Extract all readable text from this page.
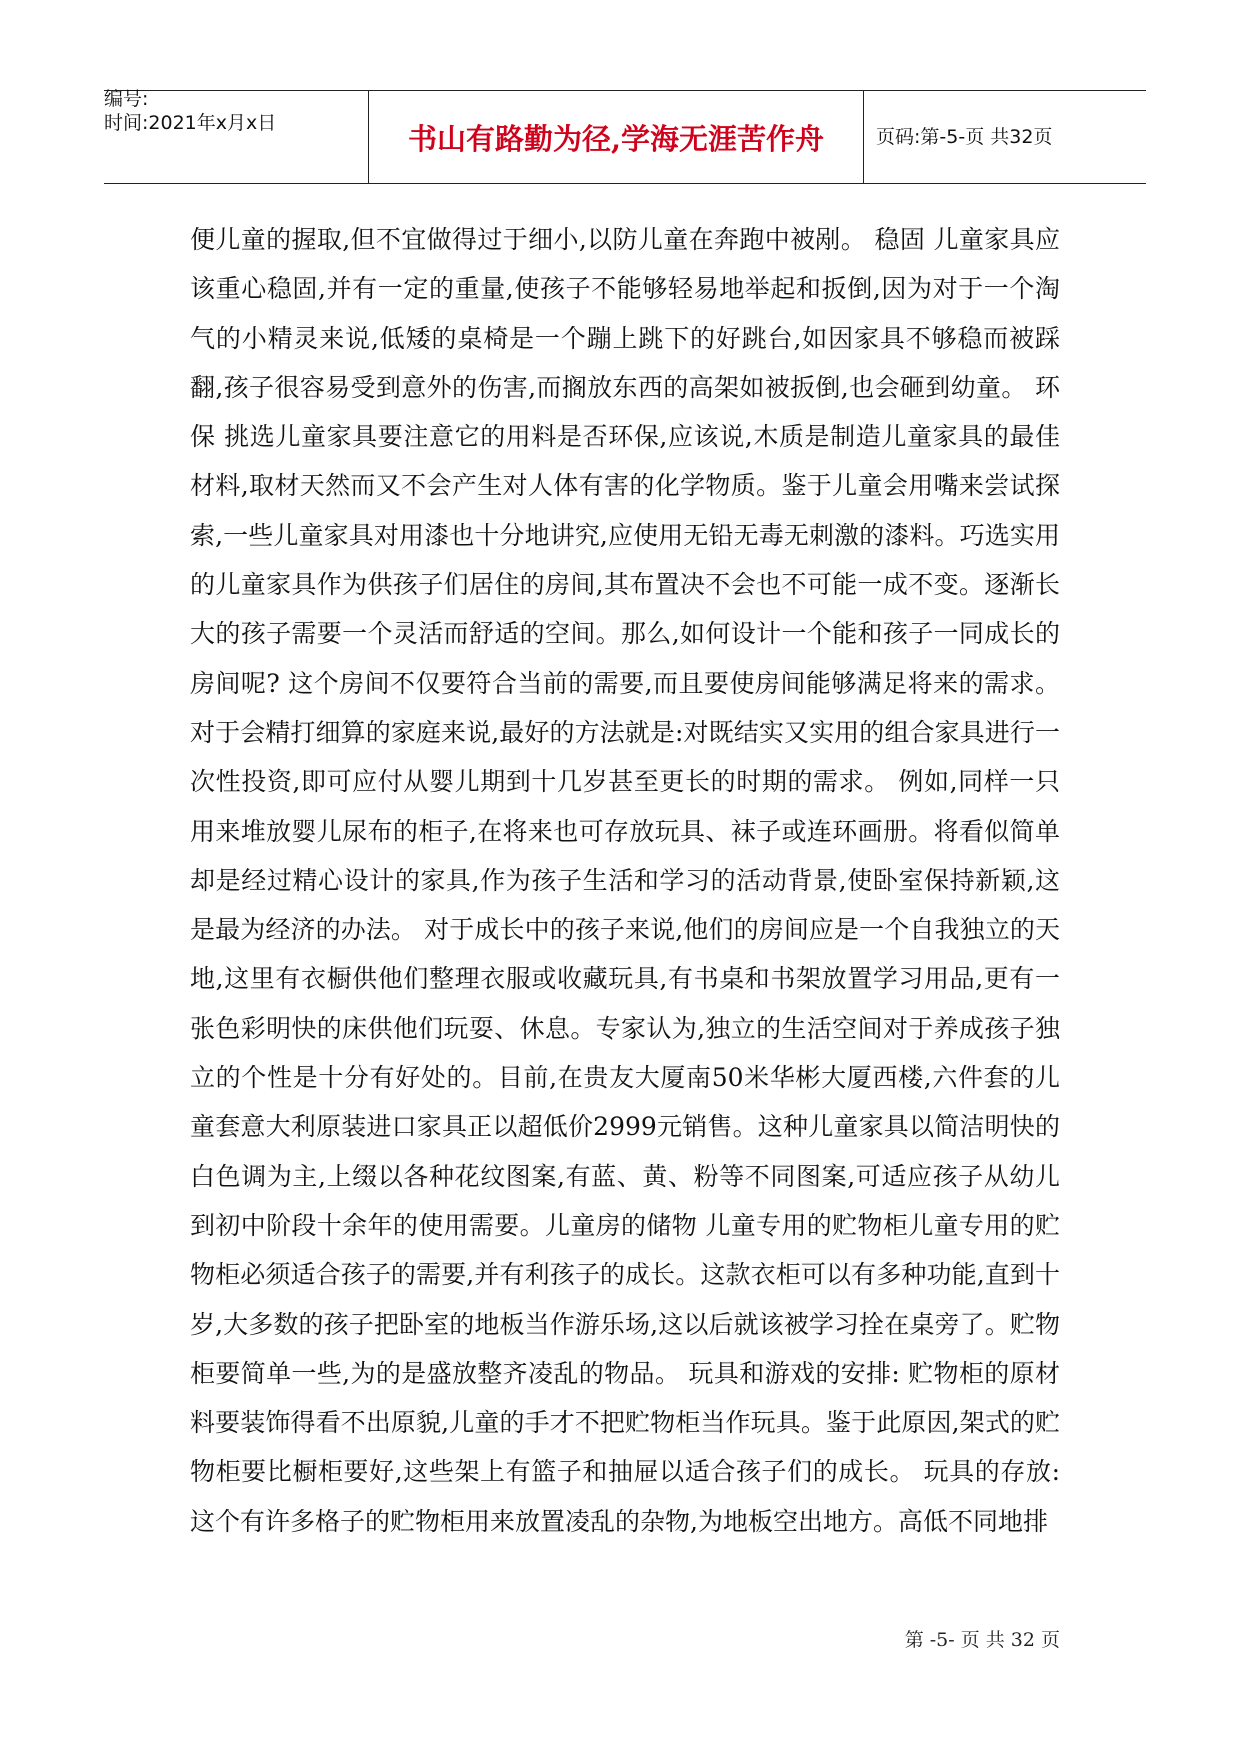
编号:
时间:2021年x月x日	书山有路勤为径,学海无涯苦作舟	页码:第-5-页 共32页

便儿童的握取,但不宜做得过于细小,以防儿童在奔跑中被剐。 稳固 儿童家具应该重心稳固,并有一定的重量,使孩子不能够轻易地举起和扳倒,因为对于一个淘气的小精灵来说,低矮的桌椅是一个蹦上跳下的好跳台,如因家具不够稳而被踩翻,孩子很容易受到意外的伤害,而搁放东西的高架如被扳倒,也会砸到幼童。 环保 挑选儿童家具要注意它的用料是否环保,应该说,木质是制造儿童家具的最佳材料,取材天然而又不会产生对人体有害的化学物质。鉴于儿童会用嘴来尝试探索,一些儿童家具对用漆也十分地讲究,应使用无铅无毒无刺激的漆料。巧选实用的儿童家具作为供孩子们居住的房间,其布置决不会也不可能一成不变。逐渐长大的孩子需要一个灵活而舒适的空间。那么,如何设计一个能和孩子一同成长的房间呢? 这个房间不仅要符合当前的需要,而且要使房间能够满足将来的需求。对于会精打细算的家庭来说,最好的方法就是:对既结实又实用的组合家具进行一次性投资,即可应付从婴儿期到十几岁甚至更长的时期的需求。 例如,同样一只用来堆放婴儿尿布的柜子,在将来也可存放玩具、袜子或连环画册。将看似简单却是经过精心设计的家具,作为孩子生活和学习的活动背景,使卧室保持新颖,这是最为经济的办法。 对于成长中的孩子来说,他们的房间应是一个自我独立的天地,这里有衣橱供他们整理衣服或收藏玩具,有书桌和书架放置学习用品,更有一张色彩明快的床供他们玩耍、休息。专家认为,独立的生活空间对于养成孩子独立的个性是十分有好处的。目前,在贵友大厦南50米华彬大厦西楼,六件套的儿童套意大利原装进口家具正以超低价2999元销售。这种儿童家具以简洁明快的白色调为主,上缀以各种花纹图案,有蓝、黄、粉等不同图案,可适应孩子从幼儿到初中阶段十余年的使用需要。儿童房的储物 儿童专用的贮物柜儿童专用的贮物柜必须适合孩子的需要,并有利孩子的成长。这款衣柜可以有多种功能,直到十岁,大多数的孩子把卧室的地板当作游乐场,这以后就该被学习拴在桌旁了。贮物柜要简单一些,为的是盛放整齐凌乱的物品。 玩具和游戏的安排: 贮物柜的原材料要装饰得看不出原貌,儿童的手才不把贮物柜当作玩具。鉴于此原因,架式的贮物柜要比橱柜要好,这些架上有篮子和抽屉以适合孩子们的成长。 玩具的存放:这个有许多格子的贮物柜用来放置凌乱的杂物,为地板空出地方。高低不同地排

第 -5- 页 共 32 页
